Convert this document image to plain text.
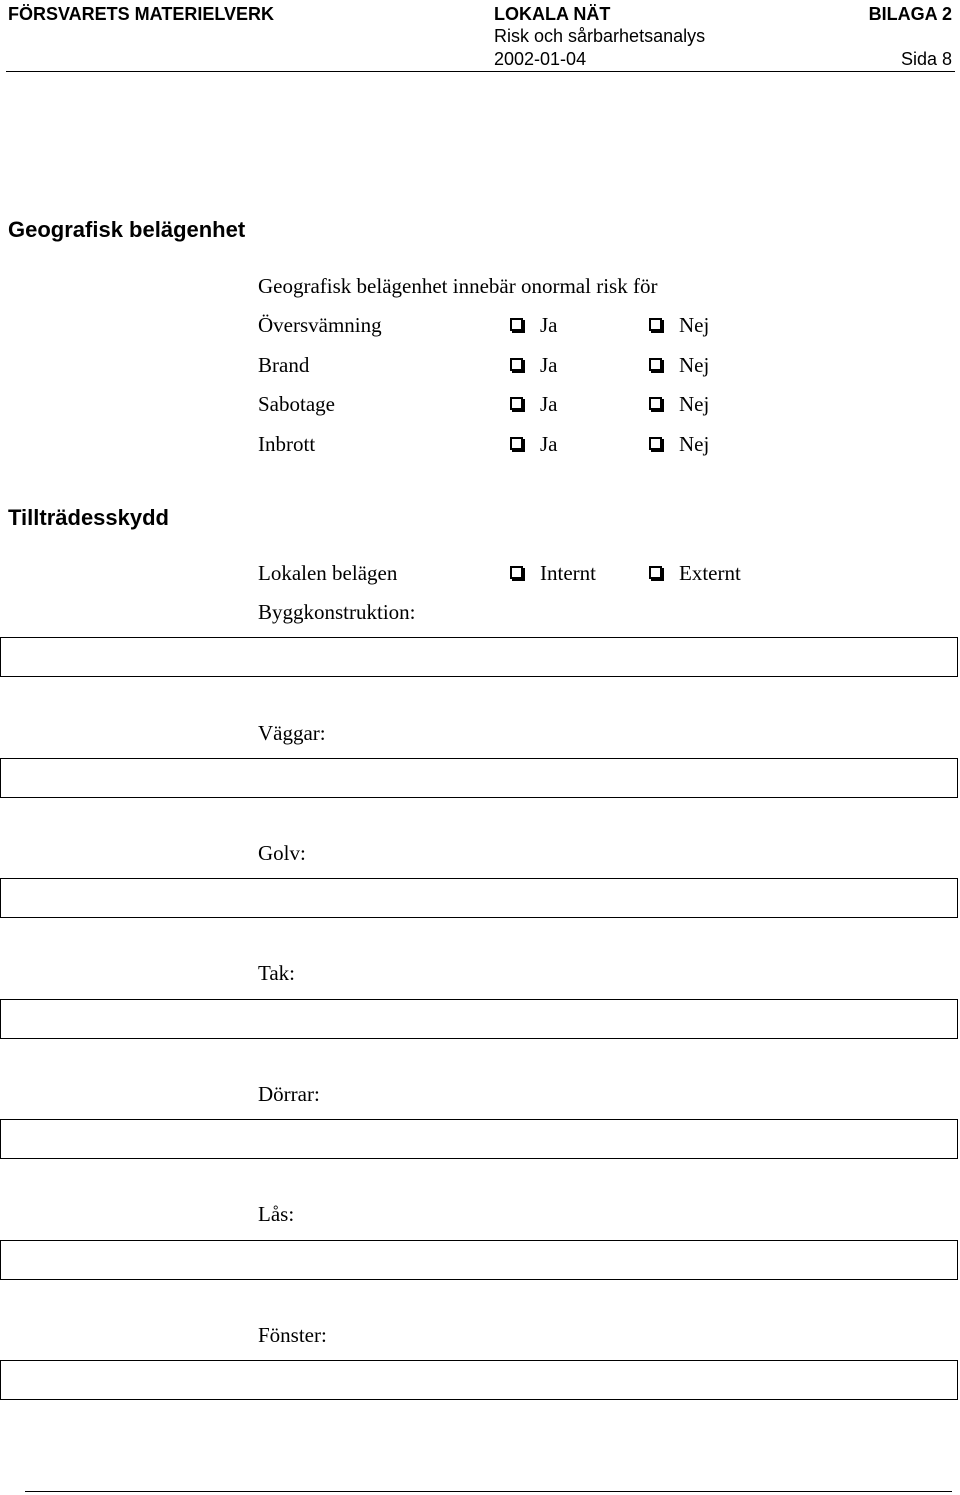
FÖRSVARETS MATERIELVERK	LOKALA NÄT
Risk och sårbarhetsanalys
2002-01-04
BILAGA 2
Sida 8
Geografisk belägenhet
Geografisk belägenhet innebär onormal risk för
Översvämning	Ja	Nej
Brand	Ja	Nej
Sabotage	Ja	Nej
Inbrott	Ja	Nej
Tillträdesskydd
Lokalen belägen	Internt	Externt
Byggkonstruktion:
Väggar:
Golv:
Tak:
Dörrar:
Lås:
Fönster:
